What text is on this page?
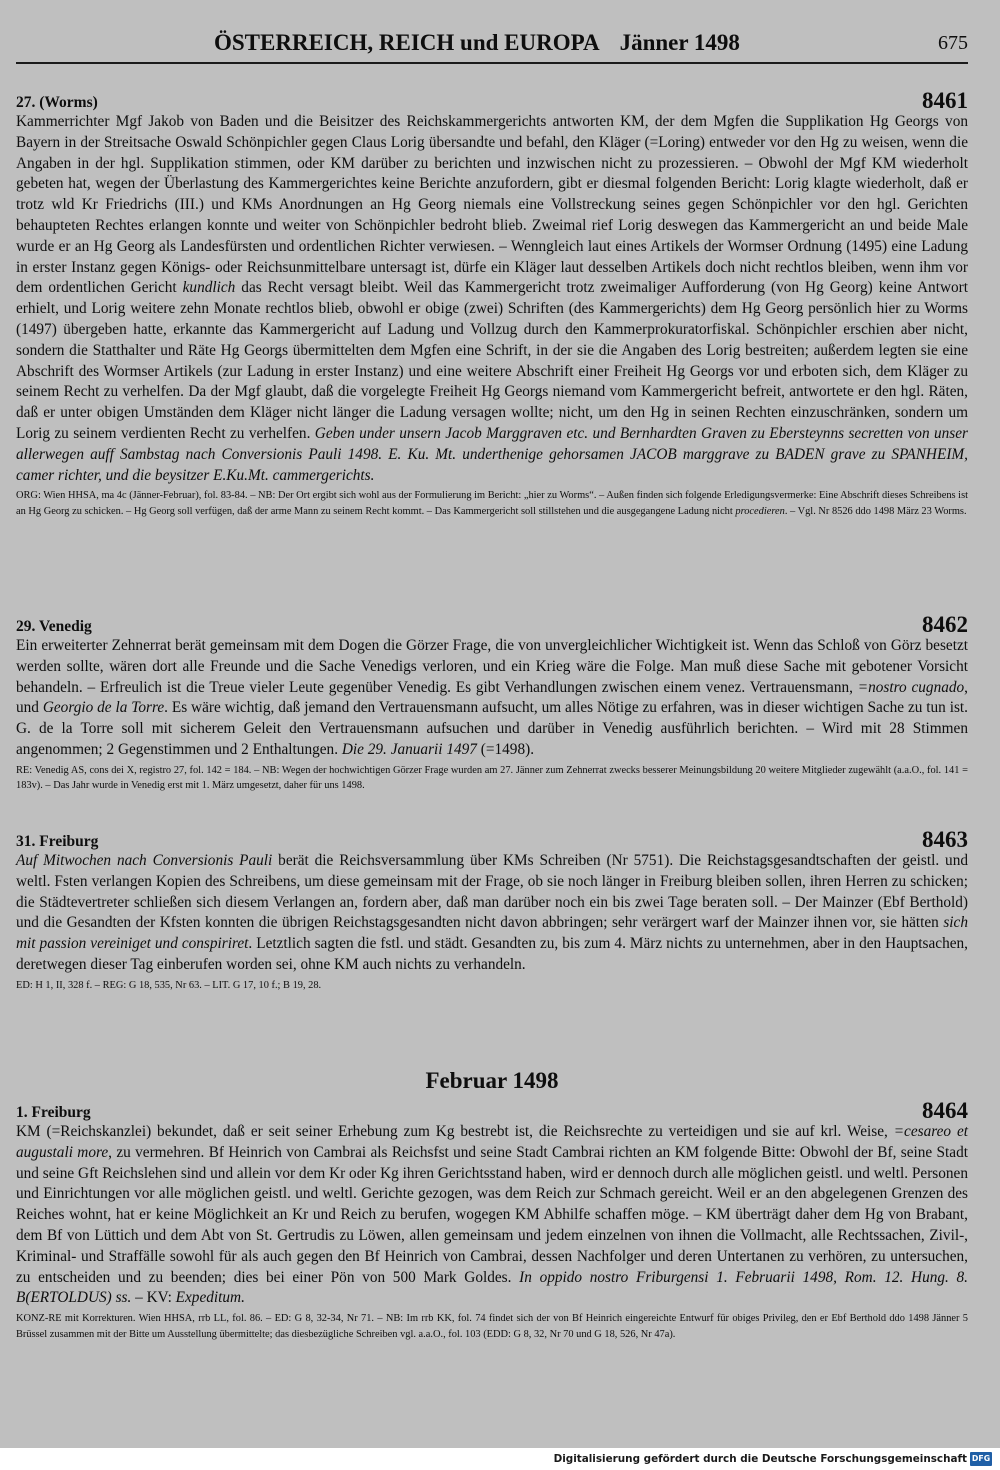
ÖSTERREICH, REICH und EUROPA Jänner 1498	675
27. (Worms)	8461

Kammerrichter Mgf Jakob von Baden und die Beisitzer des Reichskammergerichts antworten KM, der dem Mgfen die Supplikation Hg Georgs von Bayern in der Streitsache Oswald Schönpichler gegen Claus Lorig übersandte und befahl, den Kläger (=Loring) entweder vor den Hg zu weisen, wenn die Angaben in der hgl. Supplikation stimmen, oder KM darüber zu berichten und inzwischen nicht zu prozessieren. – Obwohl der Mgf KM wiederholt gebeten hat, wegen der Überlastung des Kammergerichtes keine Berichte anzufordern, gibt er diesmal folgenden Bericht: Lorig klagte wiederholt, daß er trotz wld Kr Friedrichs (III.) und KMs Anordnungen an Hg Georg niemals eine Vollstreckung seines gegen Schönpichler vor den hgl. Gerichten behaupteten Rechtes erlangen konnte und weiter von Schönpichler bedroht blieb. Zweimal rief Lorig deswegen das Kammergericht an und beide Male wurde er an Hg Georg als Landesfürsten und ordentlichen Richter verwiesen. – Wenngleich laut eines Artikels der Wormser Ordnung (1495) eine Ladung in erster Instanz gegen Königs- oder Reichsunmittelbare untersagt ist, dürfe ein Kläger laut desselben Artikels doch nicht rechtlos bleiben, wenn ihm vor dem ordentlichen Gericht kundlich das Recht versagt bleibt. Weil das Kammergericht trotz zweimaliger Aufforderung (von Hg Georg) keine Antwort erhielt, und Lorig weitere zehn Monate rechtlos blieb, obwohl er obige (zwei) Schriften (des Kammergerichts) dem Hg Georg persönlich hier zu Worms (1497) übergeben hatte, erkannte das Kammergericht auf Ladung und Vollzug durch den Kammerprokuratorfiskal. Schönpichler erschien aber nicht, sondern die Statthalter und Räte Hg Georgs übermittelten dem Mgfen eine Schrift, in der sie die Angaben des Lorig bestreiten; außerdem legten sie eine Abschrift des Wormser Artikels (zur Ladung in erster Instanz) und eine weitere Abschrift einer Freiheit Hg Georgs vor und erboten sich, dem Kläger zu seinem Recht zu verhelfen. Da der Mgf glaubt, daß die vorgelegte Freiheit Hg Georgs niemand vom Kammergericht befreit, antwortete er den hgl. Räten, daß er unter obigen Umständen dem Kläger nicht länger die Ladung versagen wollte; nicht, um den Hg in seinen Rechten einzuschränken, sondern um Lorig zu seinem verdienten Recht zu verhelfen. Geben under unsern Jacob Marggraven etc. und Bernhardten Graven zu Ebersteynns secretten von unser allerwegen auff Sambstag nach Conversionis Pauli 1498. E. Ku. Mt. underthenige gehorsamen JACOB marggrave zu BADEN grave zu SPANHEIM, camer richter, und die beysitzer E.Ku.Mt. cammergerichts.

ORG: Wien HHSA, ma 4c (Jänner-Februar), fol. 83-84. – NB: Der Ort ergibt sich wohl aus der Formulierung im Bericht: „hier zu Worms“. – Außen finden sich folgende Erledigungsvermerke: Eine Abschrift dieses Schreibens ist an Hg Georg zu schicken. – Hg Georg soll verfügen, daß der arme Mann zu seinem Recht kommt. – Das Kammergericht soll stillstehen und die ausgegangene Ladung nicht procedieren. – Vgl. Nr 8526 ddo 1498 März 23 Worms.

29. Venedig	8462

Ein erweiterter Zehnerrat berät gemeinsam mit dem Dogen die Görzer Frage, die von unvergleichlicher Wichtigkeit ist. Wenn das Schloß von Görz besetzt werden sollte, wären dort alle Freunde und die Sache Venedigs verloren, und ein Krieg wäre die Folge. Man muß diese Sache mit gebotener Vorsicht behandeln. – Erfreulich ist die Treue vieler Leute gegenüber Venedig. Es gibt Verhandlungen zwischen einem venez. Vertrauensmann, =nostro cugnado, und Georgio de la Torre. Es wäre wichtig, daß jemand den Vertrauensmann aufsucht, um alles Nötige zu erfahren, was in dieser wichtigen Sache zu tun ist. G. de la Torre soll mit sicherem Geleit den Vertrauensmann aufsuchen und darüber in Venedig ausführlich berichten. – Wird mit 28 Stimmen angenommen; 2 Gegenstimmen und 2 Enthaltungen. Die 29. Januarii 1497 (=1498).

RE: Venedig AS, cons dei X, registro 27, fol. 142 = 184. – NB: Wegen der hochwichtigen Görzer Frage wurden am 27. Jänner zum Zehnerrat zwecks besserer Meinungsbildung 20 weitere Mitglieder zugewählt (a.a.O., fol. 141 = 183v). – Das Jahr wurde in Venedig erst mit 1. März umgesetzt, daher für uns 1498.

31. Freiburg	8463

Auf Mitwochen nach Conversionis Pauli berät die Reichsversammlung über KMs Schreiben (Nr 5751). Die Reichstagsgesandtschaften der geistl. und weltl. Fsten verlangen Kopien des Schreibens, um diese gemeinsam mit der Frage, ob sie noch länger in Freiburg bleiben sollen, ihren Herren zu schicken; die Städtevertreter schließen sich diesem Verlangen an, fordern aber, daß man darüber noch ein bis zwei Tage beraten soll. – Der Mainzer (Ebf Berthold) und die Gesandten der Kfsten konnten die übrigen Reichstagsgesandten nicht davon abbringen; sehr verärgert warf der Mainzer ihnen vor, sie hätten sich mit passion vereiniget und conspiriret. Letztlich sagten die fstl. und städt. Gesandten zu, bis zum 4. März nichts zu unternehmen, aber in den Hauptsachen, deretwegen dieser Tag einberufen worden sei, ohne KM auch nichts zu verhandeln.

ED: H 1, II, 328 f. – REG: G 18, 535, Nr 63. – LIT. G 17, 10 f.; B 19, 28.

Februar 1498
1. Freiburg	8464

KM (=Reichskanzlei) bekundet, daß er seit seiner Erhebung zum Kg bestrebt ist, die Reichsrechte zu verteidigen und sie auf krl. Weise, =cesareo et augustali more, zu vermehren. Bf Heinrich von Cambrai als Reichsfst und seine Stadt Cambrai richten an KM folgende Bitte: Obwohl der Bf, seine Stadt und seine Gft Reichslehen sind und allein vor dem Kr oder Kg ihren Gerichtsstand haben, wird er dennoch durch alle möglichen geistl. und weltl. Personen und Einrichtungen vor alle möglichen geistl. und weltl. Gerichte gezogen, was dem Reich zur Schmach gereicht. Weil er an den abgelegenen Grenzen des Reiches wohnt, hat er keine Möglichkeit an Kr und Reich zu berufen, wogegen KM Abhilfe schaffen möge. – KM überträgt daher dem Hg von Brabant, dem Bf von Lüttich und dem Abt von St. Gertrudis zu Löwen, allen gemeinsam und jedem einzelnen von ihnen die Vollmacht, alle Rechtssachen, Zivil-, Kriminal- und Straffälle sowohl für als auch gegen den Bf Heinrich von Cambrai, dessen Nachfolger und deren Untertanen zu verhören, zu untersuchen, zu entscheiden und zu beenden; dies bei einer Pön von 500 Mark Goldes. In oppido nostro Friburgensi 1. Februarii 1498, Rom. 12. Hung. 8. B(ERTOLDUS) ss. – KV: Expeditum.

KONZ-RE mit Korrekturen. Wien HHSA, rrb LL, fol. 86. – ED: G 8, 32-34, Nr 71. – NB: Im rrb KK, fol. 74 findet sich der von Bf Heinrich eingereichte Entwurf für obiges Privileg, den er Ebf Berthold ddo 1498 Jänner 5 Brüssel zusammen mit der Bitte um Ausstellung übermittelte; das diesbezügliche Schreiben vgl. a.a.O., fol. 103 (EDD: G 8, 32, Nr 70 und G 18, 526, Nr 47a).

Digitalisierung gefördert durch die Deutsche Forschungsgemeinschaft DFG
